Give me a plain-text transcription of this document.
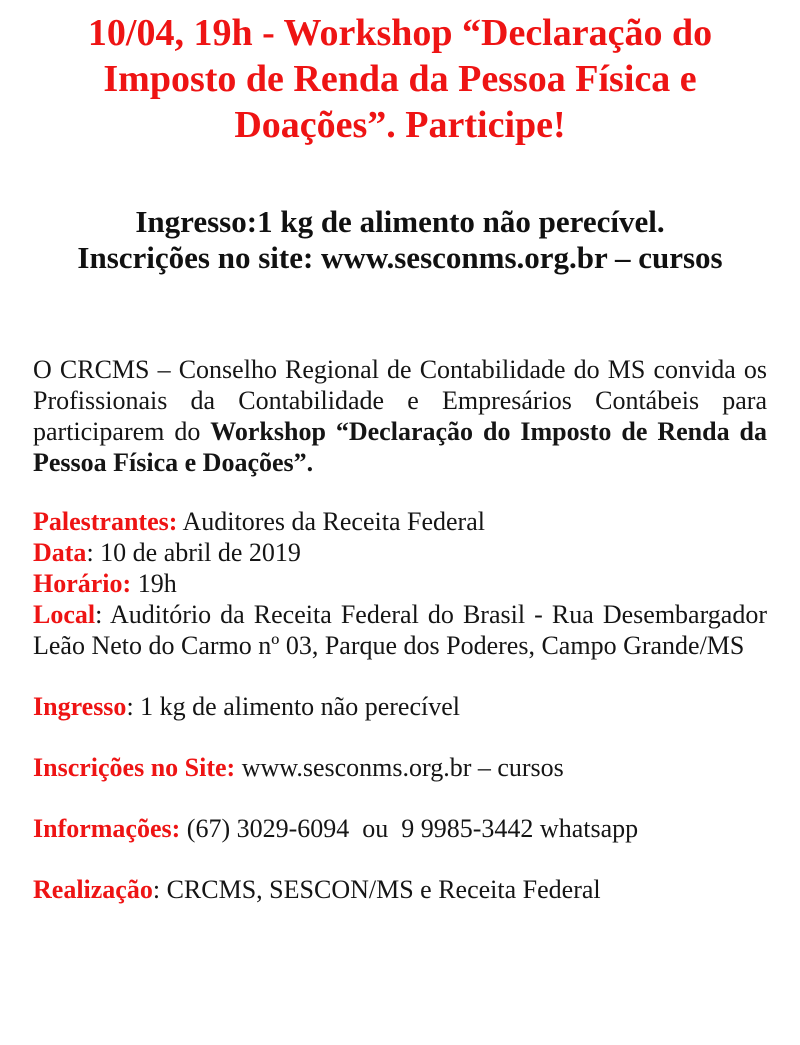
10/04, 19h - Workshop “Declaração do Imposto de Renda da Pessoa Física e Doações”. Participe!
Ingresso:1 kg de alimento não perecível.
Inscrições no site: www.sesconms.org.br – cursos

O CRCMS – Conselho Regional de Contabilidade do MS convida os Profissionais da Contabilidade e Empresários Contábeis para participarem do Workshop “Declaração do Imposto de Renda da Pessoa Física e Doações”.

Palestrantes: Auditores da Receita Federal
Data: 10 de abril de 2019
Horário: 19h
Local: Auditório da Receita Federal do Brasil - Rua Desembargador Leão Neto do Carmo nº 03, Parque dos Poderes, Campo Grande/MS
Ingresso: 1 kg de alimento não perecível
Inscrições no Site: www.sesconms.org.br – cursos
Informações: (67) 3029-6094  ou  9 9985-3442 whatsapp
Realização: CRCMS, SESCON/MS e Receita Federal
